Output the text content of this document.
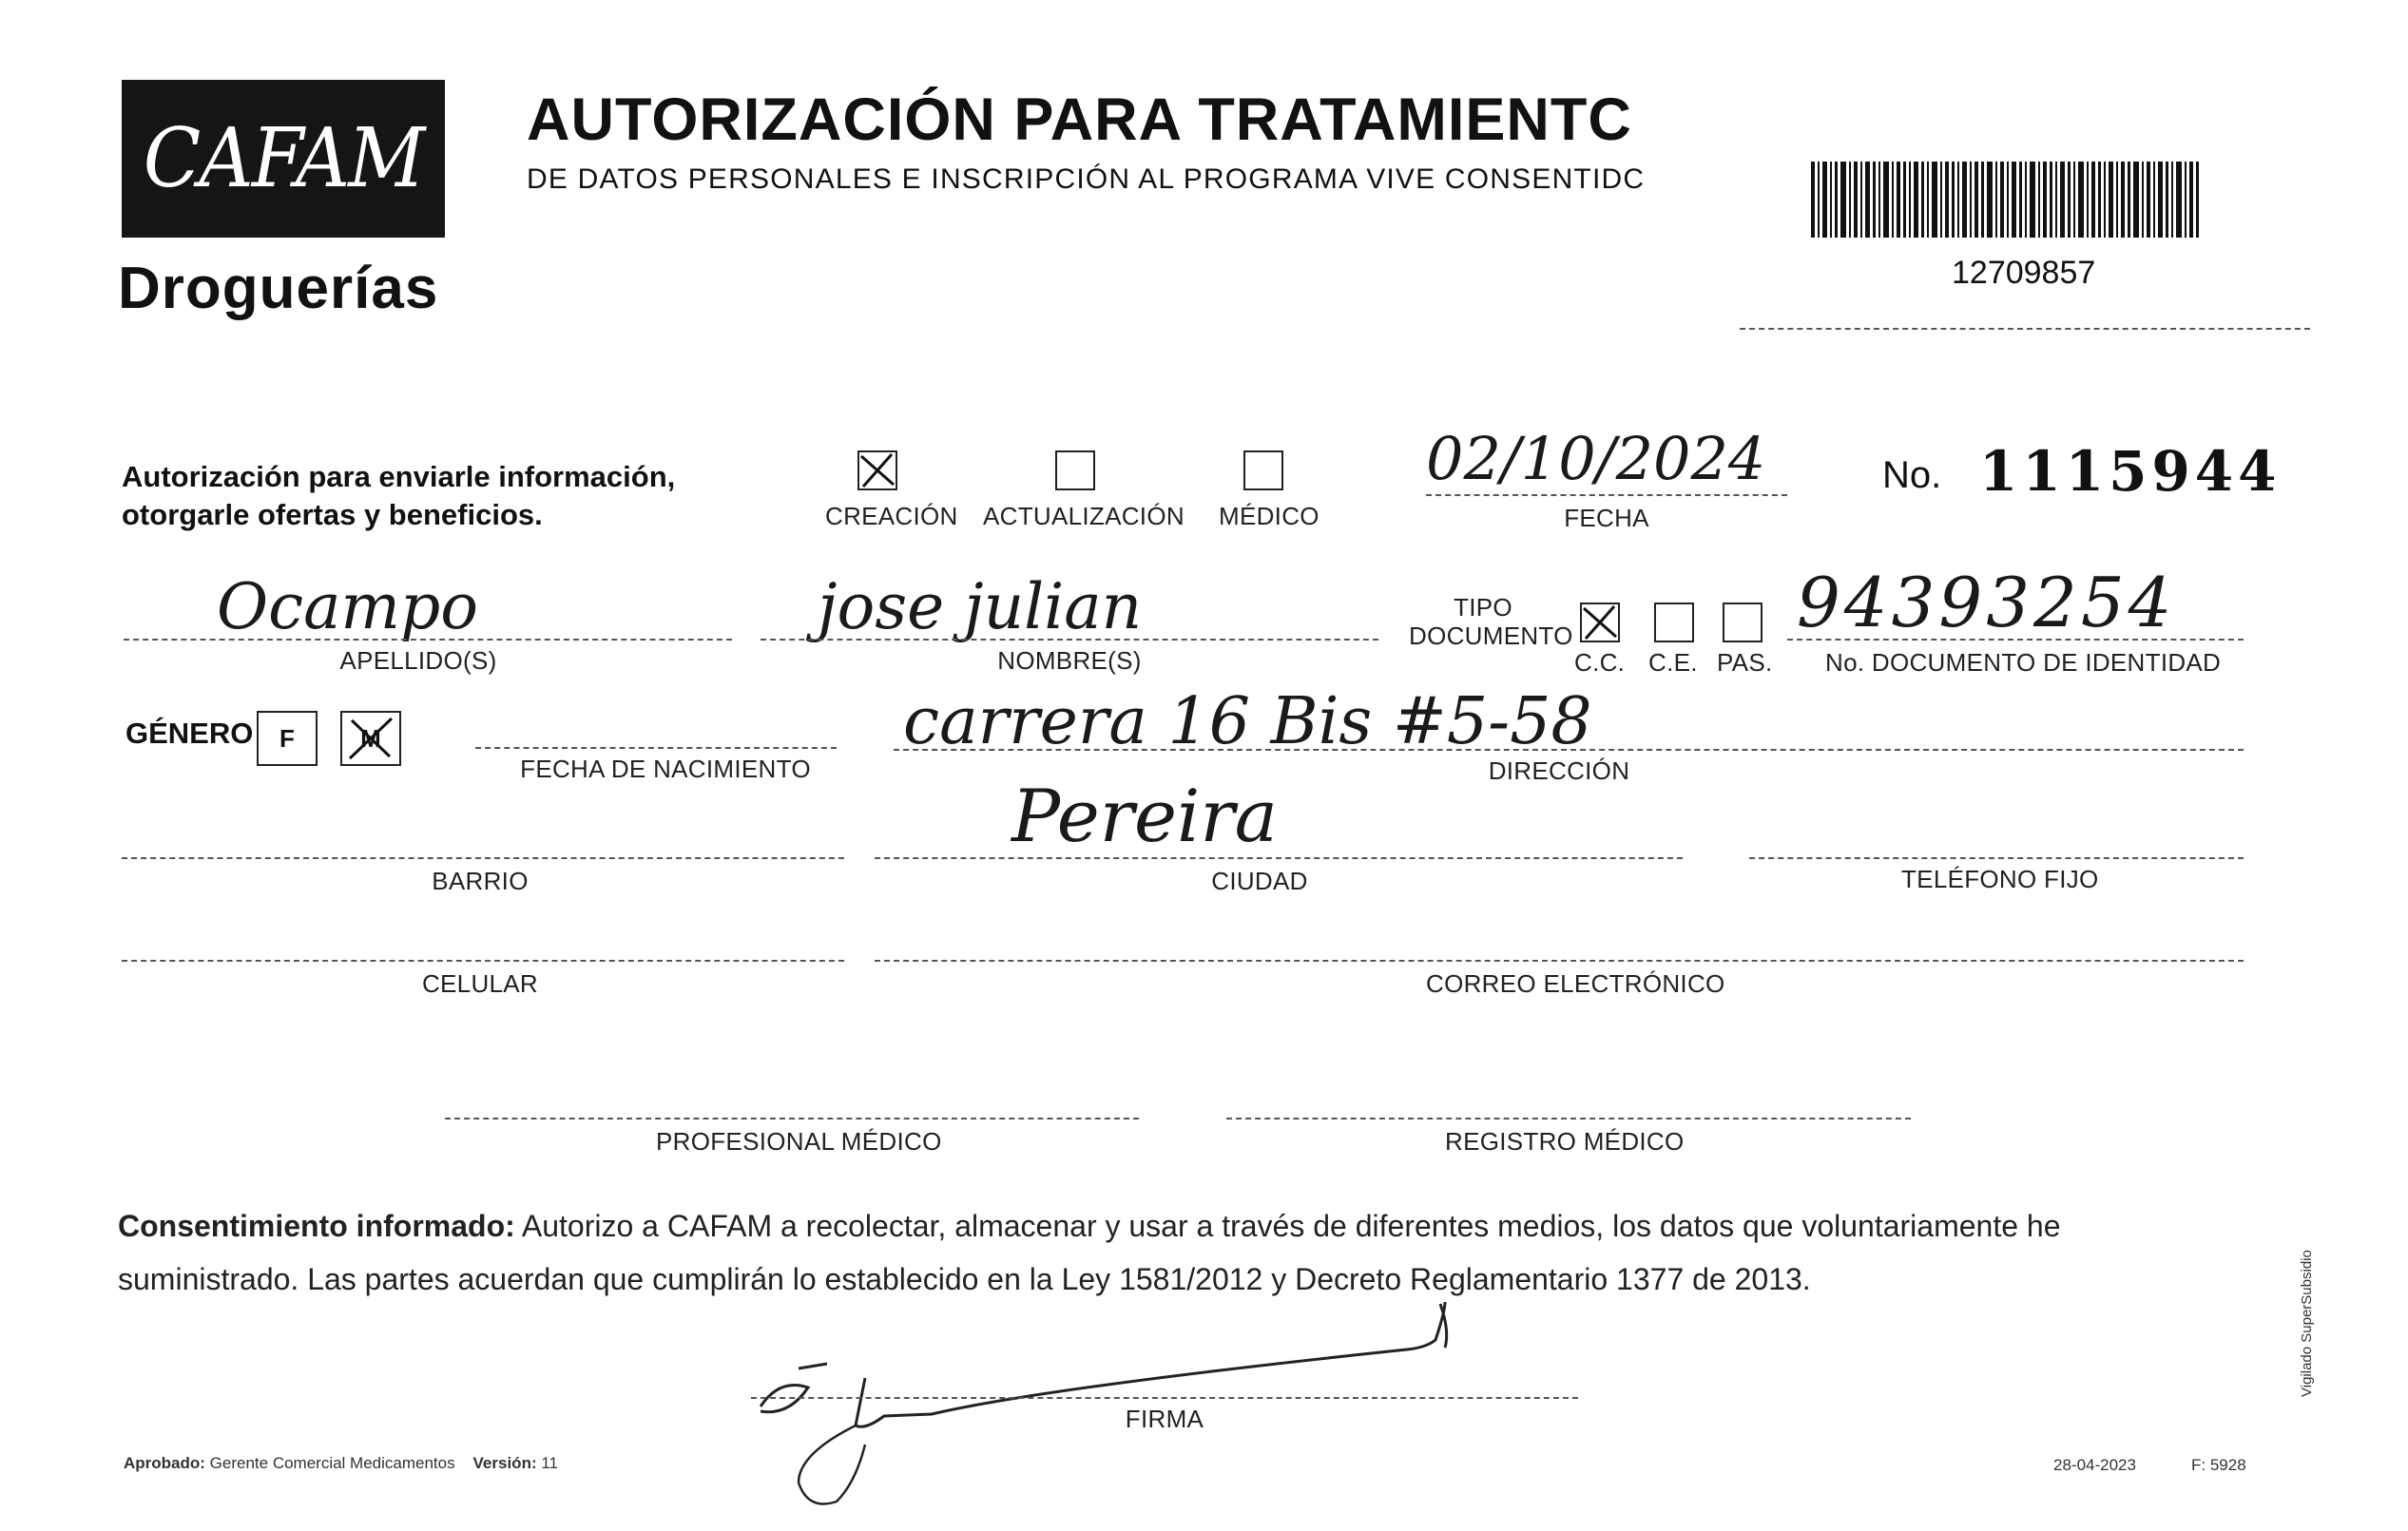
CAFAM
Droguerías
AUTORIZACIÓN PARA TRATAMIENTC
DE DATOS PERSONALES E INSCRIPCIÓN AL PROGRAMA VIVE CONSENTIDC
12709857
Autorización para enviarle información,
otorgarle ofertas y beneficios.	CREACIÓN ACTUALIZACIÓN MÉDICO
02/10/2024
FECHA
No. 1115944
Ocampo
APELLIDO(S)
jose julian
NOMBRE(S)
TIPO
DOCUMENTO
C.C. C.E. PAS.
94393254
No. DOCUMENTO DE IDENTIDAD
GÉNERO F	M
FECHA DE NACIMIENTO
carrera 16 Bis #5-58
DIRECCIÓN
BARRIO
Pereira
CIUDAD	TELÉFONO FIJO
CELULAR	CORREO ELECTRÓNICO
PROFESIONAL MÉDICO	REGISTRO MÉDICO
Consentimiento informado: Autorizo a CAFAM a recolectar, almacenar y usar a través de diferentes medios, los datos que voluntariamente he suministrado. Las partes acuerdan que cumplirán lo establecido en la Ley 1581/2012 y Decreto Reglamentario 1377 de 2013.
FIRMA
Aprobado: Gerente Comercial Medicamentos Versión: 11	28-04-2023	F: 5928
Vigilado SuperSubsidio
